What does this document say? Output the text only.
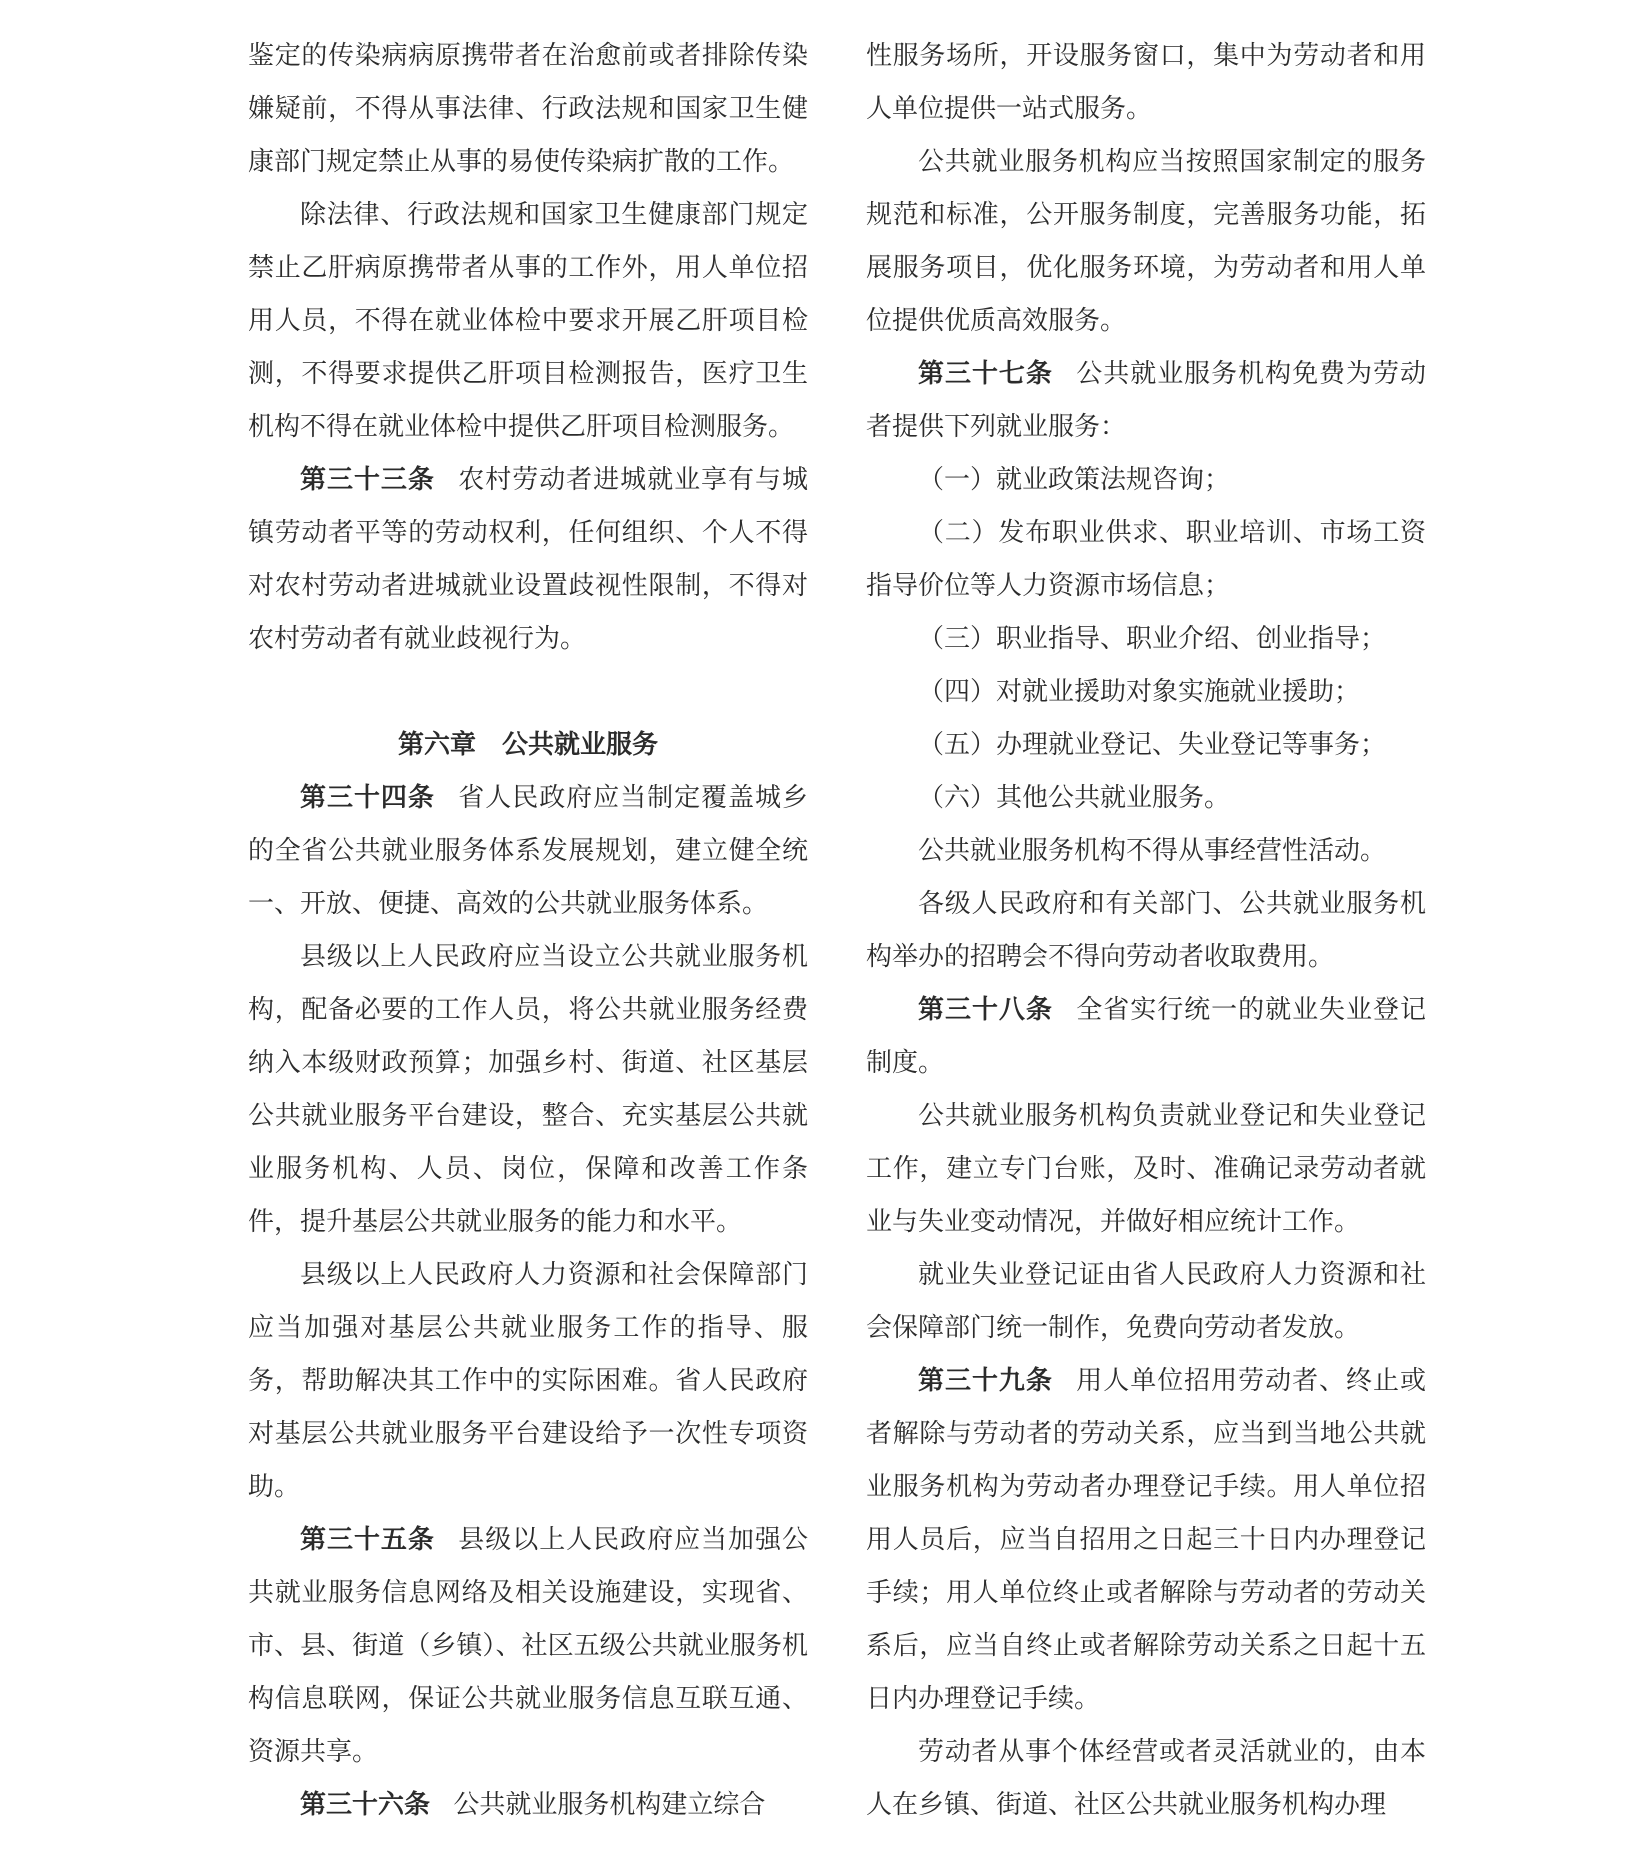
鉴定的传染病病原携带者在治愈前或者排除传染嫌疑前，不得从事法律、行政法规和国家卫生健康部门规定禁止从事的易使传染病扩散的工作。

除法律、行政法规和国家卫生健康部门规定禁止乙肝病原携带者从事的工作外，用人单位招用人员，不得在就业体检中要求开展乙肝项目检测，不得要求提供乙肝项目检测报告，医疗卫生机构不得在就业体检中提供乙肝项目检测服务。

第三十三条 农村劳动者进城就业享有与城镇劳动者平等的劳动权利，任何组织、个人不得对农村劳动者进城就业设置歧视性限制，不得对农村劳动者有就业歧视行为。

第六章 公共就业服务

第三十四条 省人民政府应当制定覆盖城乡的全省公共就业服务体系发展规划，建立健全统一、开放、便捷、高效的公共就业服务体系。

县级以上人民政府应当设立公共就业服务机构，配备必要的工作人员，将公共就业服务经费纳入本级财政预算；加强乡村、街道、社区基层公共就业服务平台建设，整合、充实基层公共就业服务机构、人员、岗位，保障和改善工作条件，提升基层公共就业服务的能力和水平。

县级以上人民政府人力资源和社会保障部门应当加强对基层公共就业服务工作的指导、服务，帮助解决其工作中的实际困难。省人民政府对基层公共就业服务平台建设给予一次性专项资助。

第三十五条 县级以上人民政府应当加强公共就业服务信息网络及相关设施建设，实现省、市、县、街道（乡镇）、社区五级公共就业服务机构信息联网，保证公共就业服务信息互联互通、资源共享。

第三十六条 公共就业服务机构建立综合

性服务场所，开设服务窗口，集中为劳动者和用人单位提供一站式服务。

公共就业服务机构应当按照国家制定的服务规范和标准，公开服务制度，完善服务功能，拓展服务项目，优化服务环境，为劳动者和用人单位提供优质高效服务。

第三十七条 公共就业服务机构免费为劳动者提供下列就业服务：

（一）就业政策法规咨询；

（二）发布职业供求、职业培训、市场工资指导价位等人力资源市场信息；

（三）职业指导、职业介绍、创业指导；

（四）对就业援助对象实施就业援助；

（五）办理就业登记、失业登记等事务；

（六）其他公共就业服务。

公共就业服务机构不得从事经营性活动。

各级人民政府和有关部门、公共就业服务机构举办的招聘会不得向劳动者收取费用。

第三十八条 全省实行统一的就业失业登记制度。

公共就业服务机构负责就业登记和失业登记工作，建立专门台账，及时、准确记录劳动者就业与失业变动情况，并做好相应统计工作。

就业失业登记证由省人民政府人力资源和社会保障部门统一制作，免费向劳动者发放。

第三十九条 用人单位招用劳动者、终止或者解除与劳动者的劳动关系，应当到当地公共就业服务机构为劳动者办理登记手续。用人单位招用人员后，应当自招用之日起三十日内办理登记手续；用人单位终止或者解除与劳动者的劳动关系后，应当自终止或者解除劳动关系之日起十五日内办理登记手续。

劳动者从事个体经营或者灵活就业的，由本人在乡镇、街道、社区公共就业服务机构办理
